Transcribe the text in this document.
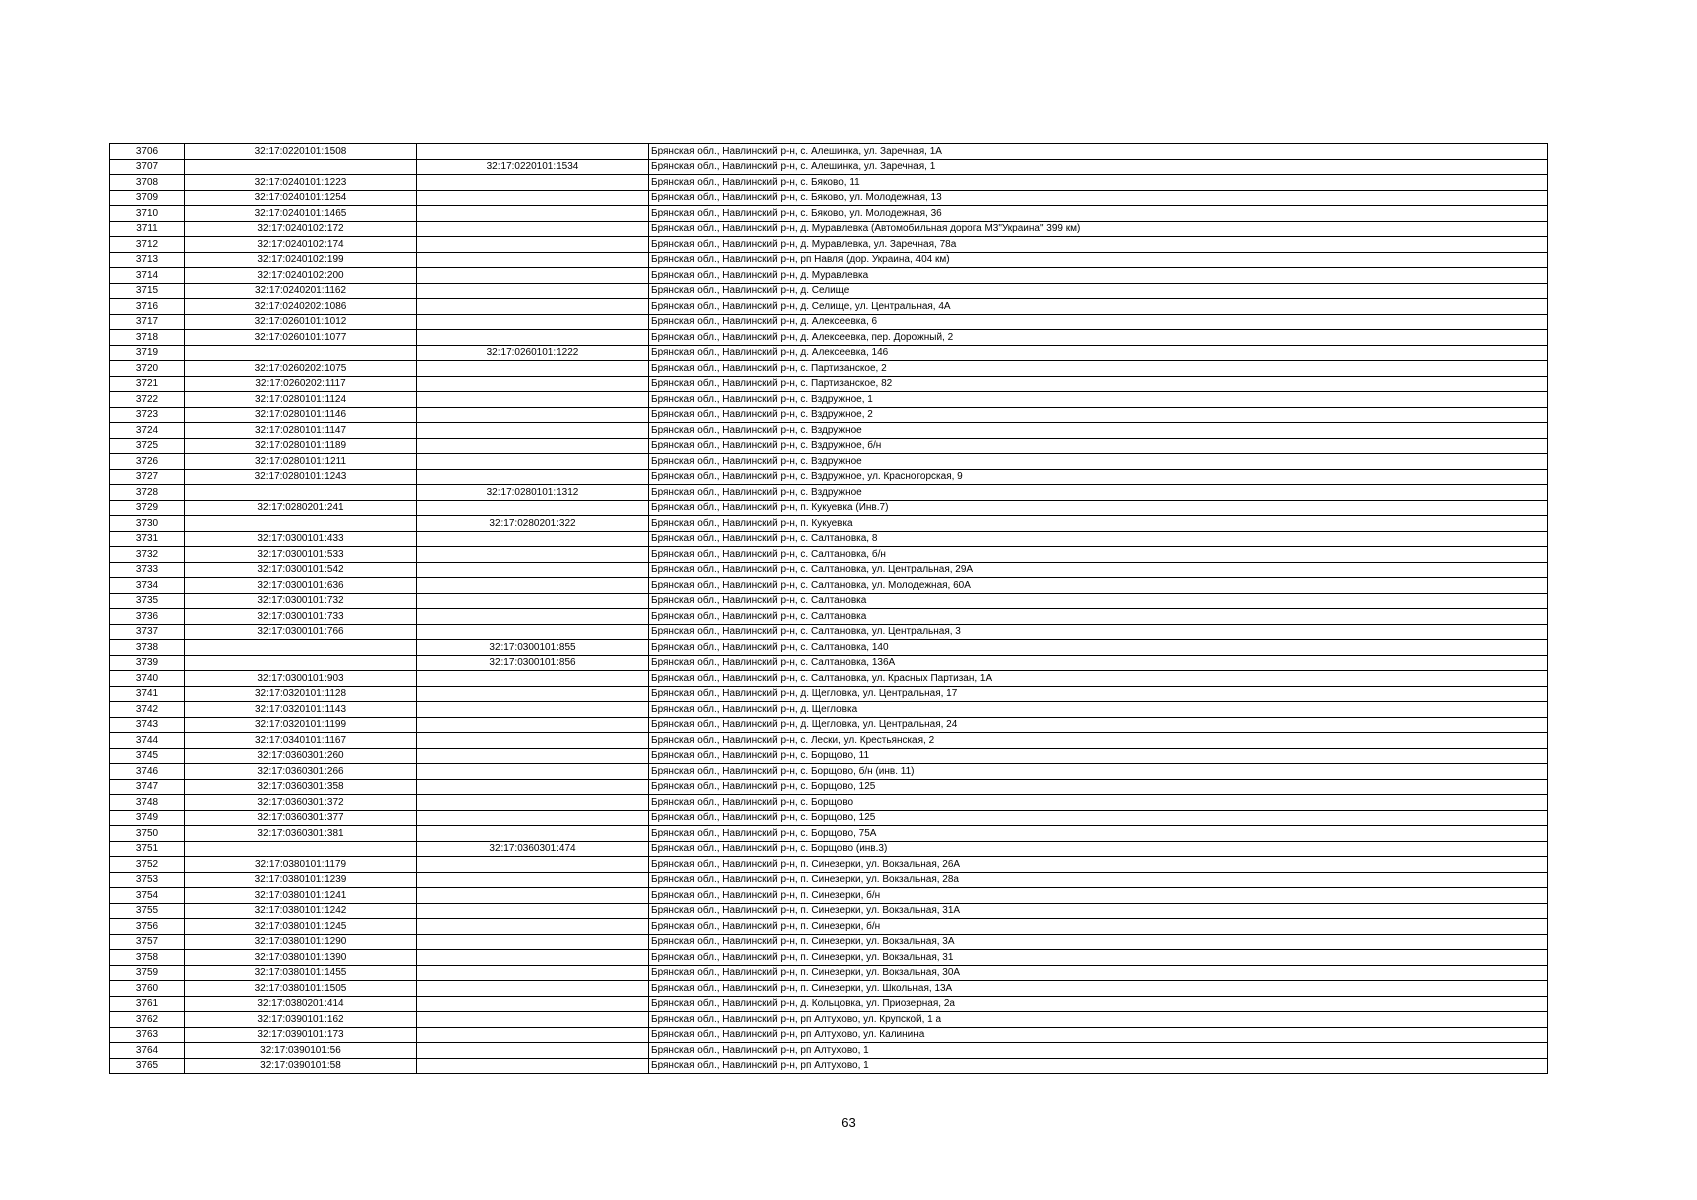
3706	32:17:0220101:1508		Брянская обл., Навлинский р-н, с. Алешинка, ул. Заречная, 1А
3707		32:17:0220101:1534	Брянская обл., Навлинский р-н, с. Алешинка, ул. Заречная, 1
3708	32:17:0240101:1223		Брянская обл., Навлинский р-н, с. Бяково, 11
3709	32:17:0240101:1254		Брянская обл., Навлинский р-н, с. Бяково, ул. Молодежная, 13
3710	32:17:0240101:1465		Брянская обл., Навлинский р-н, с. Бяково, ул. Молодежная, 36
3711	32:17:0240102:172		Брянская обл., Навлинский р-н, д. Муравлевка (Автомобильная дорога М3"Украина" 399 км)
3712	32:17:0240102:174		Брянская обл., Навлинский р-н, д. Муравлевка, ул. Заречная, 78а
3713	32:17:0240102:199		Брянская обл., Навлинский р-н, рп Навля (дор. Украина, 404 км)
3714	32:17:0240102:200		Брянская обл., Навлинский р-н, д. Муравлевка
3715	32:17:0240201:1162		Брянская обл., Навлинский р-н, д. Селище
3716	32:17:0240202:1086		Брянская обл., Навлинский р-н, д. Селище, ул. Центральная, 4А
3717	32:17:0260101:1012		Брянская обл., Навлинский р-н, д. Алексеевка, 6
3718	32:17:0260101:1077		Брянская обл., Навлинский р-н, д. Алексеевка, пер. Дорожный, 2
3719		32:17:0260101:1222	Брянская обл., Навлинский р-н, д. Алексеевка, 146
3720	32:17:0260202:1075		Брянская обл., Навлинский р-н, с. Партизанское, 2
3721	32:17:0260202:1117		Брянская обл., Навлинский р-н, с. Партизанское, 82
3722	32:17:0280101:1124		Брянская обл., Навлинский р-н, с. Вздружное, 1
3723	32:17:0280101:1146		Брянская обл., Навлинский р-н, с. Вздружное, 2
3724	32:17:0280101:1147		Брянская обл., Навлинский р-н, с. Вздружное
3725	32:17:0280101:1189		Брянская обл., Навлинский р-н, с. Вздружное, б/н
3726	32:17:0280101:1211		Брянская обл., Навлинский р-н, с. Вздружное
3727	32:17:0280101:1243		Брянская обл., Навлинский р-н, с. Вздружное, ул. Красногорская, 9
3728		32:17:0280101:1312	Брянская обл., Навлинский р-н, с. Вздружное
3729	32:17:0280201:241		Брянская обл., Навлинский р-н, п. Кукуевка (Инв.7)
3730		32:17:0280201:322	Брянская обл., Навлинский р-н, п. Кукуевка
3731	32:17:0300101:433		Брянская обл., Навлинский р-н, с. Салтановка, 8
3732	32:17:0300101:533		Брянская обл., Навлинский р-н, с. Салтановка, б/н
3733	32:17:0300101:542		Брянская обл., Навлинский р-н, с. Салтановка, ул. Центральная, 29А
3734	32:17:0300101:636		Брянская обл., Навлинский р-н, с. Салтановка, ул. Молодежная, 60А
3735	32:17:0300101:732		Брянская обл., Навлинский р-н, с. Салтановка
3736	32:17:0300101:733		Брянская обл., Навлинский р-н, с. Салтановка
3737	32:17:0300101:766		Брянская обл., Навлинский р-н, с. Салтановка, ул. Центральная, 3
3738		32:17:0300101:855	Брянская обл., Навлинский р-н, с. Салтановка, 140
3739		32:17:0300101:856	Брянская обл., Навлинский р-н, с. Салтановка, 136А
3740	32:17:0300101:903		Брянская обл., Навлинский р-н, с. Салтановка, ул. Красных Партизан, 1А
3741	32:17:0320101:1128		Брянская обл., Навлинский р-н, д. Щегловка, ул. Центральная, 17
3742	32:17:0320101:1143		Брянская обл., Навлинский р-н, д. Щегловка
3743	32:17:0320101:1199		Брянская обл., Навлинский р-н, д. Щегловка, ул. Центральная, 24
3744	32:17:0340101:1167		Брянская обл., Навлинский р-н, с. Лески, ул. Крестьянская, 2
3745	32:17:0360301:260		Брянская обл., Навлинский р-н, с. Борщово, 11
3746	32:17:0360301:266		Брянская обл., Навлинский р-н, с. Борщово, б/н (инв. 11)
3747	32:17:0360301:358		Брянская обл., Навлинский р-н, с. Борщово, 125
3748	32:17:0360301:372		Брянская обл., Навлинский р-н, с. Борщово
3749	32:17:0360301:377		Брянская обл., Навлинский р-н, с. Борщово, 125
3750	32:17:0360301:381		Брянская обл., Навлинский р-н, с. Борщово, 75А
3751		32:17:0360301:474	Брянская обл., Навлинский р-н, с. Борщово (инв.3)
3752	32:17:0380101:1179		Брянская обл., Навлинский р-н, п. Синезерки, ул. Вокзальная, 26А
3753	32:17:0380101:1239		Брянская обл., Навлинский р-н, п. Синезерки, ул. Вокзальная, 28а
3754	32:17:0380101:1241		Брянская обл., Навлинский р-н, п. Синезерки, б/н
3755	32:17:0380101:1242		Брянская обл., Навлинский р-н, п. Синезерки, ул. Вокзальная, 31А
3756	32:17:0380101:1245		Брянская обл., Навлинский р-н, п. Синезерки, б/н
3757	32:17:0380101:1290		Брянская обл., Навлинский р-н, п. Синезерки, ул. Вокзальная, 3А
3758	32:17:0380101:1390		Брянская обл., Навлинский р-н, п. Синезерки, ул. Вокзальная, 31
3759	32:17:0380101:1455		Брянская обл., Навлинский р-н, п. Синезерки, ул. Вокзальная, 30А
3760	32:17:0380101:1505		Брянская обл., Навлинский р-н, п. Синезерки, ул. Школьная, 13А
3761	32:17:0380201:414		Брянская обл., Навлинский р-н, д. Кольцовка, ул. Приозерная, 2а
3762	32:17:0390101:162		Брянская обл., Навлинский р-н, рп Алтухово, ул. Крупской, 1 а
3763	32:17:0390101:173		Брянская обл., Навлинский р-н, рп Алтухово, ул. Калинина
3764	32:17:0390101:56		Брянская обл., Навлинский р-н, рп Алтухово, 1
3765	32:17:0390101:58		Брянская обл., Навлинский р-н, рп Алтухово, 1
63
